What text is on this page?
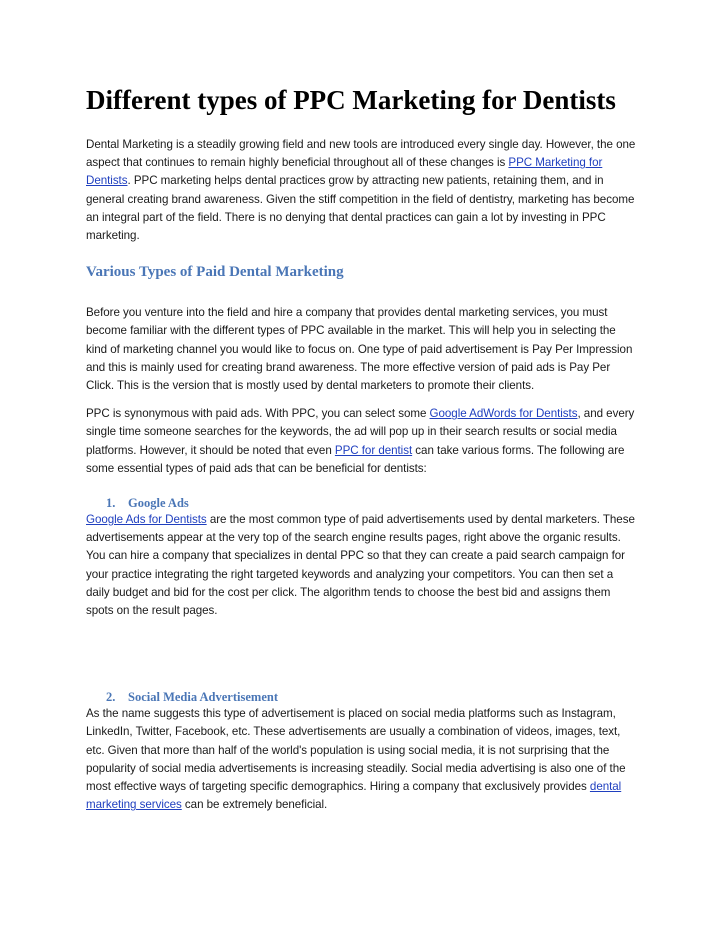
Different types of PPC Marketing for Dentists

Dental Marketing is a steadily growing field and new tools are introduced every single day. However, the one aspect that continues to remain highly beneficial throughout all of these changes is PPC Marketing for Dentists. PPC marketing helps dental practices grow by attracting new patients, retaining them, and in general creating brand awareness. Given the stiff competition in the field of dentistry, marketing has become an integral part of the field. There is no denying that dental practices can gain a lot by investing in PPC marketing.

Various Types of Paid Dental Marketing

Before you venture into the field and hire a company that provides dental marketing services, you must become familiar with the different types of PPC available in the market. This will help you in selecting the kind of marketing channel you would like to focus on. One type of paid advertisement is Pay Per Impression and this is mainly used for creating brand awareness. The more effective version of paid ads is Pay Per Click. This is the version that is mostly used by dental marketers to promote their clients.

PPC is synonymous with paid ads. With PPC, you can select some Google AdWords for Dentists, and every single time someone searches for the keywords, the ad will pop up in their search results or social media platforms. However, it should be noted that even PPC for dentist can take various forms. The following are some essential types of paid ads that can be beneficial for dentists:

1. Google Ads

Google Ads for Dentists are the most common type of paid advertisements used by dental marketers. These advertisements appear at the very top of the search engine results pages, right above the organic results. You can hire a company that specializes in dental PPC so that they can create a paid search campaign for your practice integrating the right targeted keywords and analyzing your competitors. You can then set a daily budget and bid for the cost per click. The algorithm tends to choose the best bid and assigns them spots on the result pages.

2. Social Media Advertisement

As the name suggests this type of advertisement is placed on social media platforms such as Instagram, LinkedIn, Twitter, Facebook, etc. These advertisements are usually a combination of videos, images, text, etc. Given that more than half of the world's population is using social media, it is not surprising that the popularity of social media advertisements is increasing steadily. Social media advertising is also one of the most effective ways of targeting specific demographics. Hiring a company that exclusively provides dental marketing services can be extremely beneficial.
